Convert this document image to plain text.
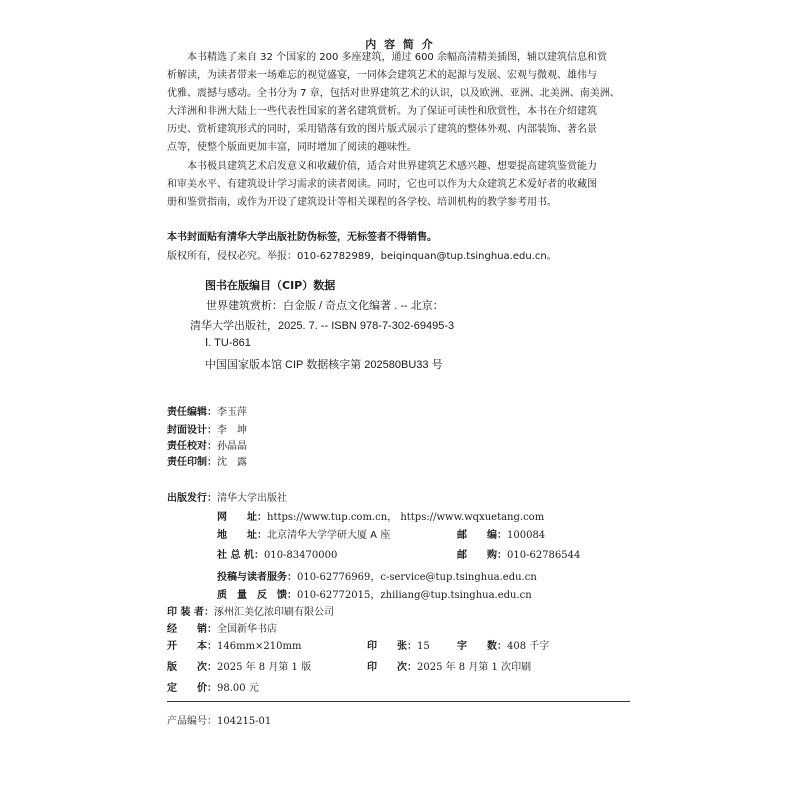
内 容 简 介
　　本书精选了来自 32 个国家的 200 多座建筑，通过 600 余幅高清精美插图，辅以建筑信息和赏
析解读，为读者带来一场难忘的视觉盛宴，一同体会建筑艺术的起源与发展、宏观与微观、雄伟与
优雅、震撼与感动。全书分为 7 章，包括对世界建筑艺术的认识，以及欧洲、亚洲、北美洲、南美洲、
大洋洲和非洲大陆上一些代表性国家的著名建筑赏析。为了保证可读性和欣赏性，本书在介绍建筑
历史、赏析建筑形式的同时，采用错落有致的图片版式展示了建筑的整体外观、内部装饰、著名景
点等，使整个版面更加丰富，同时增加了阅读的趣味性。
　　本书极具建筑艺术启发意义和收藏价值，适合对世界建筑艺术感兴趣、想要提高建筑鉴赏能力
和审美水平、有建筑设计学习需求的读者阅读。同时，它也可以作为大众建筑艺术爱好者的收藏图
册和鉴赏指南，或作为开设了建筑设计等相关课程的各学校、培训机构的教学参考用书。
本书封面贴有清华大学出版社防伪标签，无标签者不得销售。
版权所有，侵权必究。举报：010-62782989，beiqinquan@tup.tsinghua.edu.cn。
图书在版编目（CIP）数据
世界建筑赏析：白金版 / 奇点文化编著 . -- 北京：
清华大学出版社，2025. 7. -- ISBN 978-7-302-69495-3
Ⅰ. TU-861
中国国家版本馆 CIP 数据核字第 202580BU33 号
责任编辑：李玉萍
封面设计：李　坤
责任校对：孙晶晶
责任印制：沈　露
出版发行：清华大学出版社
网　　址：https://www.tup.com.cn， https://www.wqxuetang.com
地　　址：北京清华大学学研大厦 A 座	邮　　编：100084
社 总 机：010-83470000	邮　　购：010-62786544
投稿与读者服务：010-62776969，c-service@tup.tsinghua.edu.cn
质　量　反　馈：010-62772015，zhiliang@tup.tsinghua.edu.cn
印 装 者：涿州汇美亿浓印刷有限公司
经　　销：全国新华书店
开　　本：146mm×210mm	印　　张：15	字　　数：408 千字
版　　次：2025 年 8 月第 1 版	印　　次：2025 年 8 月第 1 次印刷
定　　价：98.00 元
产品编号：104215-01
